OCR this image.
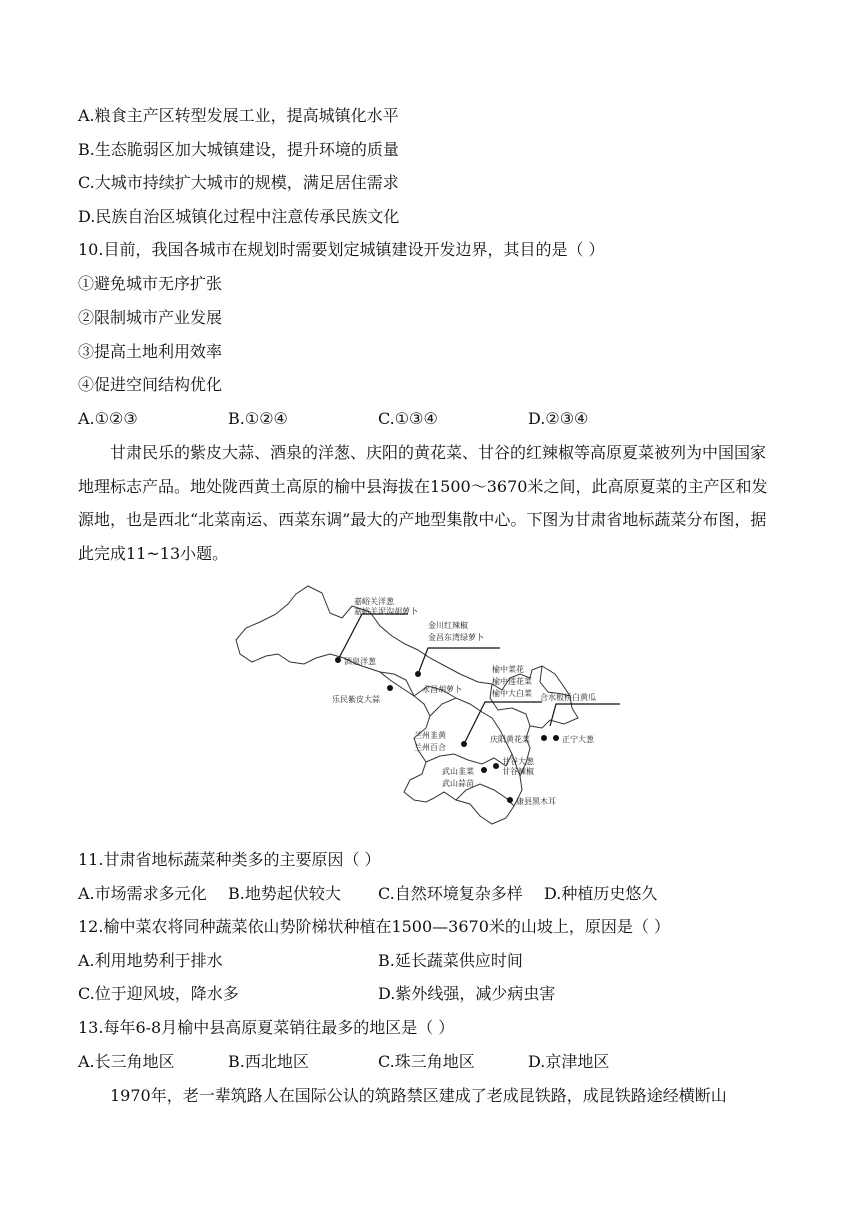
A.粮食主产区转型发展工业，提高城镇化水平
B.生态脆弱区加大城镇建设，提升环境的质量
C.大城市持续扩大城市的规模，满足居住需求
D.民族自治区城镇化过程中注意传承民族文化
10.目前，我国各城市在规划时需要划定城镇建设开发边界，其目的是（ ）
①避免城市无序扩张
②限制城市产业发展
③提高土地利用效率
④促进空间结构优化
A.①②③	B.①②④	C.①③④	D.②③④
甘肃民乐的紫皮大蒜、酒泉的洋葱、庆阳的黄花菜、甘谷的红辣椒等高原夏菜被列为中国国家地理标志产品。地处陇西黄土高原的榆中县海拔在1500～3670米之间，此高原夏菜的主产区和发源地，也是西北“北菜南运、西菜东调”最大的产地型集散中心。下图为甘肃省地标蔬菜分布图，据此完成11~13小题。
嘉峪关洋葱
嘉峪关泥沟胡萝卜
金川红辣椒
金昌东湾绿萝卜
榆中菜花
榆中莲花菜
榆中大白菜
酒泉洋葱
永昌胡萝卜
乐民紫皮大蒜	合水板桥白黄瓜
兰州韭黄
兰州百合
庆阳黄花菜	正宁大葱
甘谷大葱
甘谷辣椒
武山韭菜
武山蒜苗
康县黑木耳
11.甘肃省地标蔬菜种类多的主要原因（ ）
A.市场需求多元化 B.地势起伏较大 C.自然环境复杂多样 D.种植历史悠久
12.榆中菜农将同种蔬菜依山势阶梯状种植在1500—3670米的山坡上，原因是（ ）
A.利用地势利于排水	B.延长蔬菜供应时间
C.位于迎风坡，降水多	D.紫外线强，减少病虫害
13.每年6-8月榆中县高原夏菜销往最多的地区是（ ）
A.长三角地区	B.西北地区	C.珠三角地区	D.京津地区
1970年，老一辈筑路人在国际公认的筑路禁区建成了老成昆铁路，成昆铁路途经横断山
